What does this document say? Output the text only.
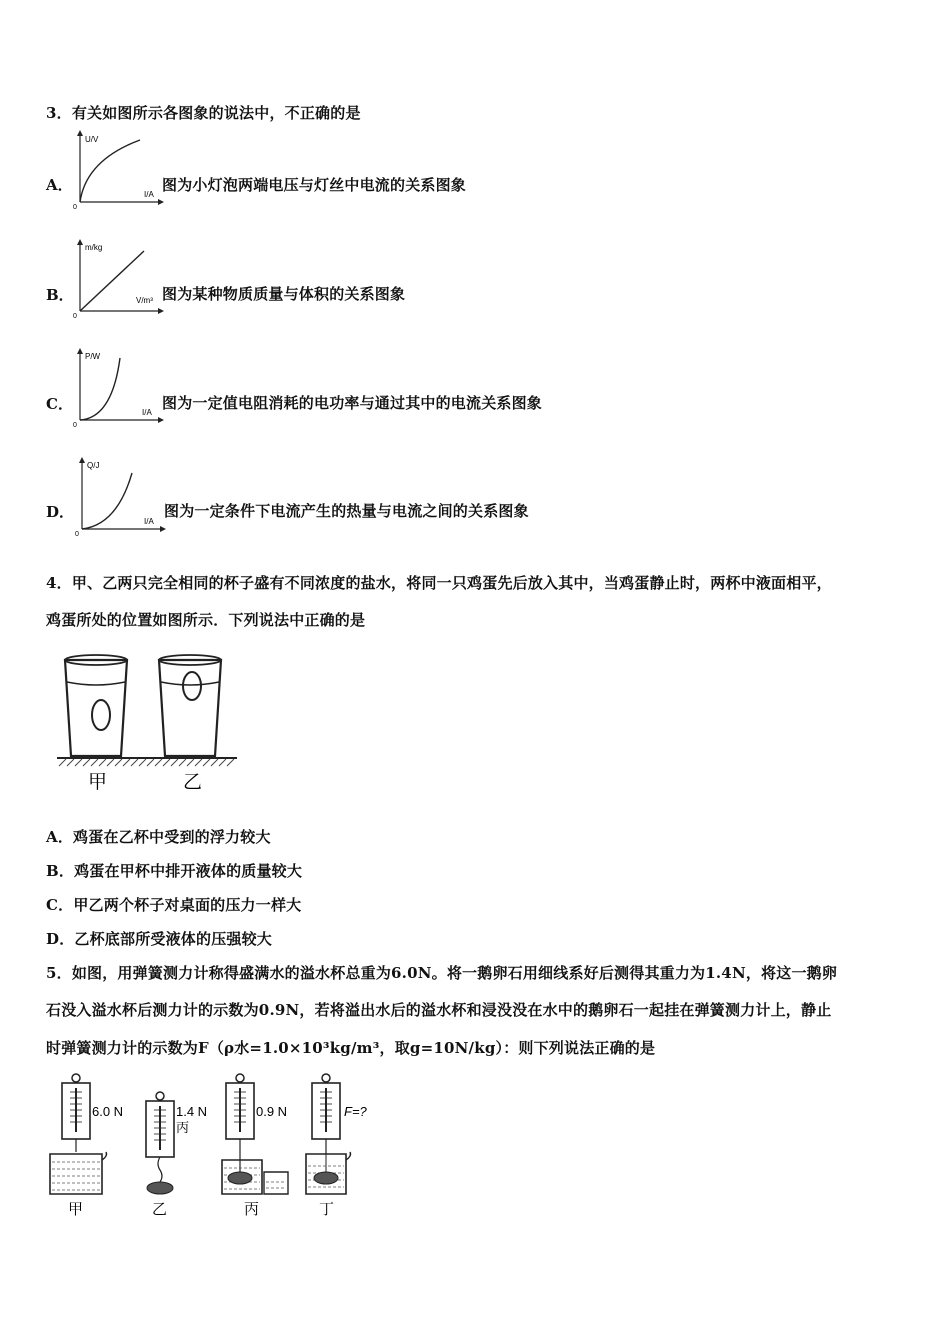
3．有关如图所示各图象的说法中，不正确的是
A．
U/V
I/A
0
图为小灯泡两端电压与灯丝中电流的关系图象
B．
m/kg
V/m³
0
图为某种物质质量与体积的关系图象
C．
P/W
I/A
0
图为一定值电阻消耗的电功率与通过其中的电流关系图象
D．
Q/J
I/A
0
图为一定条件下电流产生的热量与电流之间的关系图象
4．甲、乙两只完全相同的杯子盛有不同浓度的盐水，将同一只鸡蛋先后放入其中，当鸡蛋静止时，两杯中液面相平，
鸡蛋所处的位置如图所示．下列说法中正确的是
甲	乙
A．鸡蛋在乙杯中受到的浮力较大
B．鸡蛋在甲杯中排开液体的质量较大
C．甲乙两个杯子对桌面的压力一样大
D．乙杯底部所受液体的压强较大
5．如图，用弹簧测力计称得盛满水的溢水杯总重为6.0N。将一鹅卵石用细线系好后测得其重力为1.4N，将这一鹅卵
石没入溢水杯后测力计的示数为0.9N，若将溢出水后的溢水杯和浸没没在水中的鹅卵石一起挂在弹簧测力计上，静止
时弹簧测力计的示数为F（ρ水=1.0×10³kg/m³，取g=10N/kg）：则下列说法正确的是
6.0 N	1.4 N
丙
0.9 N	F=?
甲	乙	丙	丁
